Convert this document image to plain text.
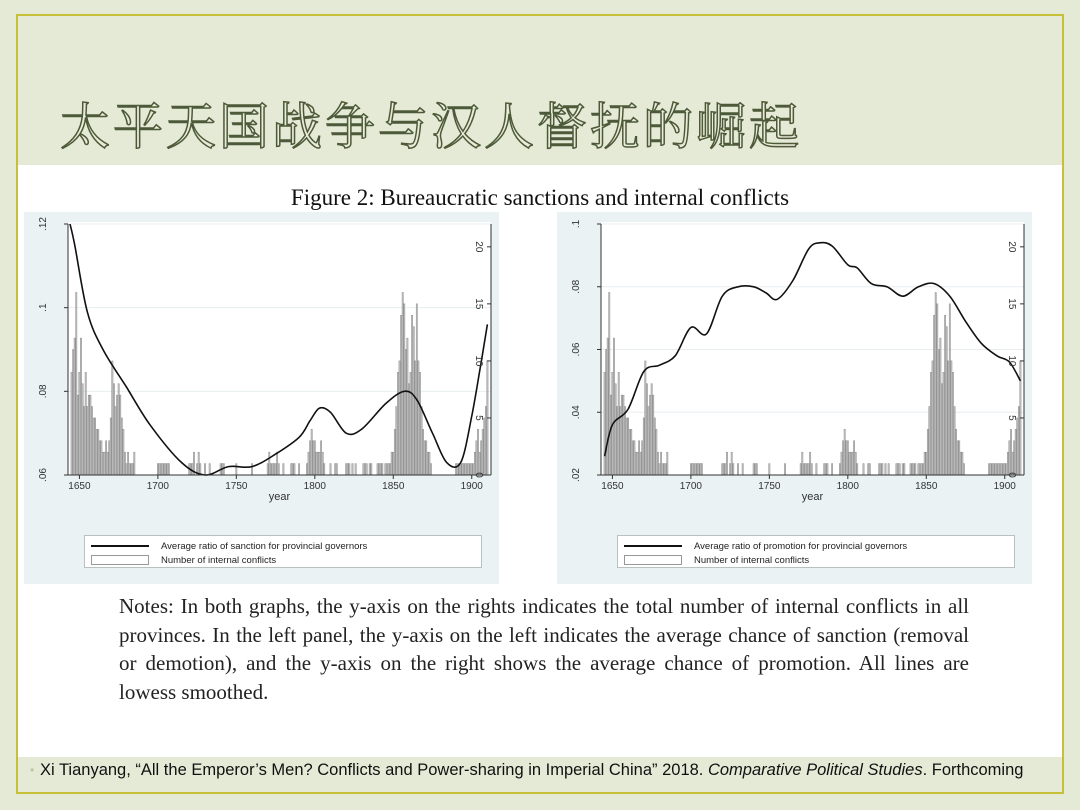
太平天国战争与汉人督抚的崛起
Figure 2: Bureaucratic sanctions and internal conflicts
.06
.08
.1
.12
0
5
10
15
20
1650	1700	1750	1800	1850	1900
year
Average ratio of sanction for provincial governors
Number of internal conflicts
.02
.04
.06
.08
.1
0
5
10
15
20
1650	1700	1750	1800	1850	1900
year
Average ratio of promotion for provincial governors
Number of internal conflicts
Notes: In both graphs, the y-axis on the rights indicates the total number of internal conflicts in all provinces. In the left panel, the y-axis on the left indicates the average chance of sanction (removal or demotion), and the y-axis on the right shows the average chance of promotion. All lines are lowess smoothed.
• Xi Tianyang, “All the Emperor’s Men? Conflicts and Power-sharing in Imperial China” 2018. Comparative Political Studies. Forthcoming
